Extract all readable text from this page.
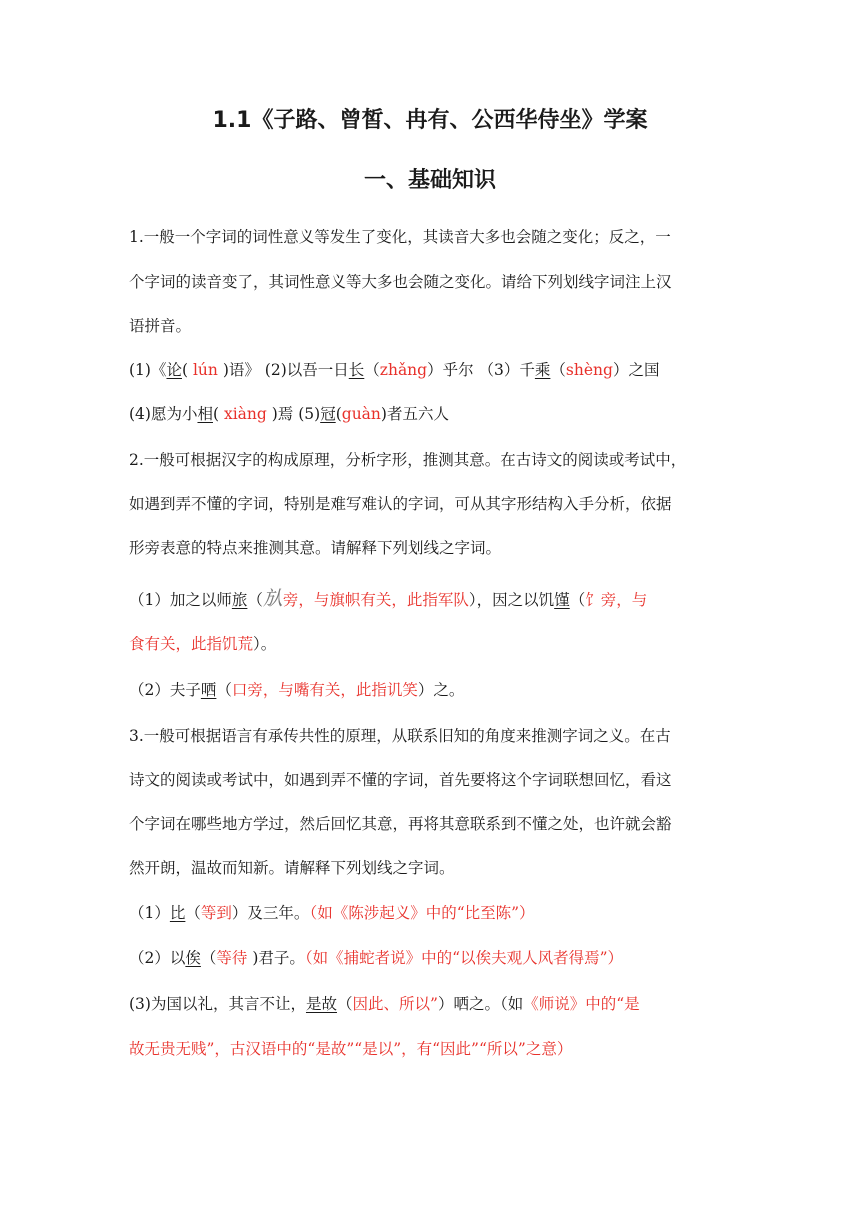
1.1《子路、曾皙、冉有、公西华侍坐》学案
一、基础知识

1.一般一个字词的词性意义等发生了变化，其读音大多也会随之变化；反之，一

个字词的读音变了，其词性意义等大多也会随之变化。请给下列划线字词注上汉

语拼音。

(1)《论( lún )语》 (2)以吾一日长（zhǎng）乎尔 （3）千乘（shèng）之国

(4)愿为小相( xiàng )焉 (5)冠(guàn)者五六人

2.一般可根据汉字的构成原理，分析字形，推测其意。在古诗文的阅读或考试中，

如遇到弄不懂的字词，特别是难写难认的字词，可从其字形结构入手分析，依据

形旁表意的特点来推测其意。请解释下列划线之字词。

（1）加之以师旅（㫃旁，与旗帜有关，此指军队），因之以饥馑（饣旁，与

食有关，此指饥荒）。

（2）夫子哂（口旁，与嘴有关，此指讥笑）之。

3.一般可根据语言有承传共性的原理，从联系旧知的角度来推测字词之义。在古

诗文的阅读或考试中，如遇到弄不懂的字词，首先要将这个字词联想回忆，看这

个字词在哪些地方学过，然后回忆其意，再将其意联系到不懂之处，也许就会豁

然开朗，温故而知新。请解释下列划线之字词。

（1）比（等到）及三年。（如《陈涉起义》中的“比至陈”）

（2）以俟（等待 )君子。（如《捕蛇者说》中的“以俟夫观人风者得焉”）

(3)为国以礼，其言不让，是故（因此、所以”）哂之。（如《师说》中的“是

故无贵无贱”，古汉语中的“是故”“是以”，有“因此”“所以”之意）
